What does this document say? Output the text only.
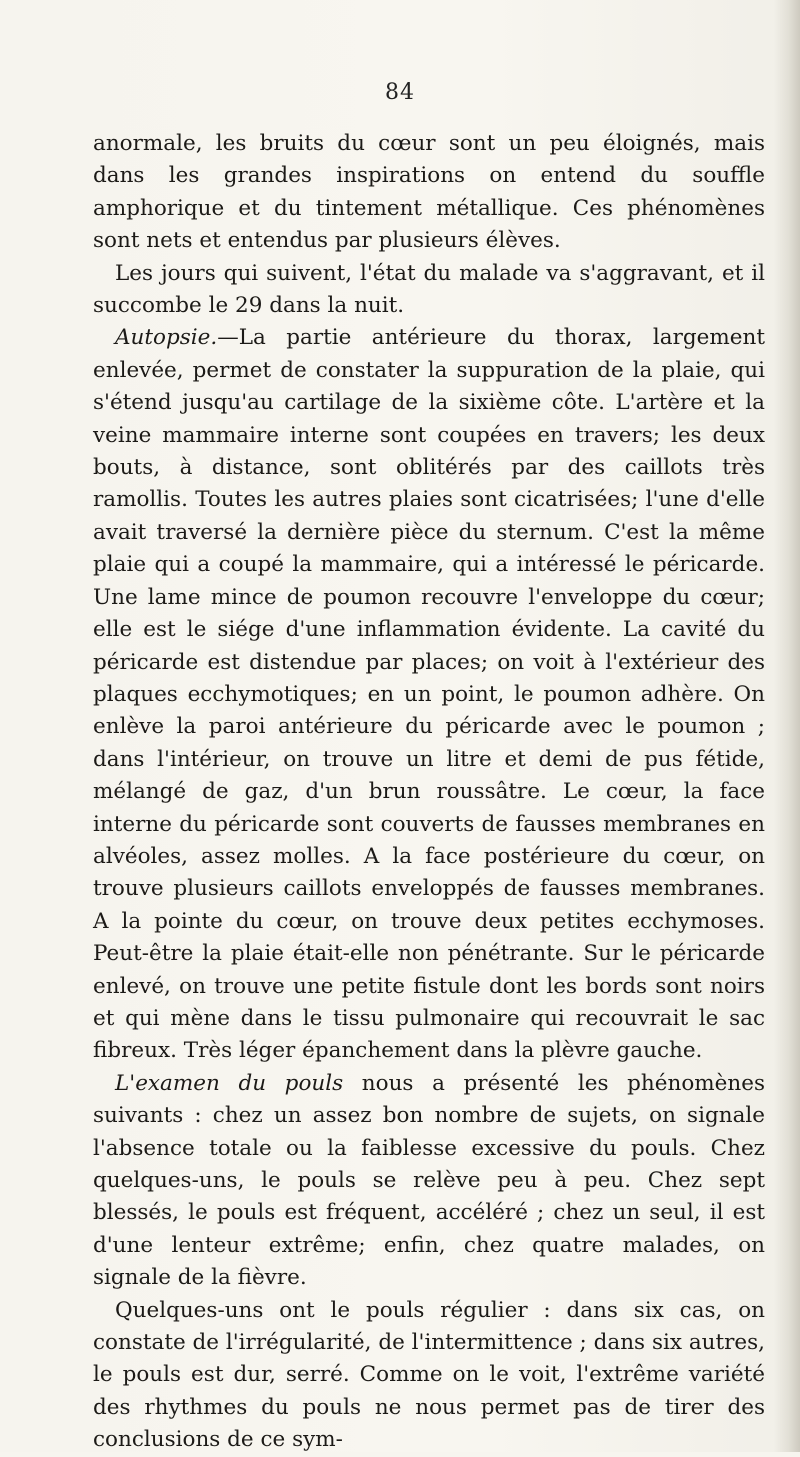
84

anormale, les bruits du cœur sont un peu éloignés, mais dans les grandes inspirations on entend du souffle amphorique et du tintement métallique. Ces phénomènes sont nets et entendus par plusieurs élèves.

Les jours qui suivent, l'état du malade va s'aggravant, et il succombe le 29 dans la nuit.

Autopsie.—La partie antérieure du thorax, largement enlevée, permet de constater la suppuration de la plaie, qui s'étend jusqu'au cartilage de la sixième côte. L'artère et la veine mammaire interne sont coupées en travers; les deux bouts, à distance, sont oblitérés par des caillots très ramollis. Toutes les autres plaies sont cicatrisées; l'une d'elle avait traversé la dernière pièce du sternum. C'est la même plaie qui a coupé la mammaire, qui a intéressé le péricarde. Une lame mince de poumon recouvre l'enveloppe du cœur; elle est le siége d'une inflammation évidente. La cavité du péricarde est distendue par places; on voit à l'extérieur des plaques ecchymotiques; en un point, le poumon adhère. On enlève la paroi antérieure du péricarde avec le poumon ; dans l'intérieur, on trouve un litre et demi de pus fétide, mélangé de gaz, d'un brun roussâtre. Le cœur, la face interne du péricarde sont couverts de fausses membranes en alvéoles, assez molles. A la face postérieure du cœur, on trouve plusieurs caillots enveloppés de fausses membranes. A la pointe du cœur, on trouve deux petites ecchymoses. Peut-être la plaie était-elle non pénétrante. Sur le péricarde enlevé, on trouve une petite fistule dont les bords sont noirs et qui mène dans le tissu pulmonaire qui recouvrait le sac fibreux. Très léger épanchement dans la plèvre gauche.

L'examen du pouls nous a présenté les phénomènes suivants : chez un assez bon nombre de sujets, on signale l'absence totale ou la faiblesse excessive du pouls. Chez quelques-uns, le pouls se relève peu à peu. Chez sept blessés, le pouls est fréquent, accéléré ; chez un seul, il est d'une lenteur extrême; enfin, chez quatre malades, on signale de la fièvre.

Quelques-uns ont le pouls régulier : dans six cas, on constate de l'irrégularité, de l'intermittence ; dans six autres, le pouls est dur, serré. Comme on le voit, l'extrême variété des rhythmes du pouls ne nous permet pas de tirer des conclusions de ce sym-
